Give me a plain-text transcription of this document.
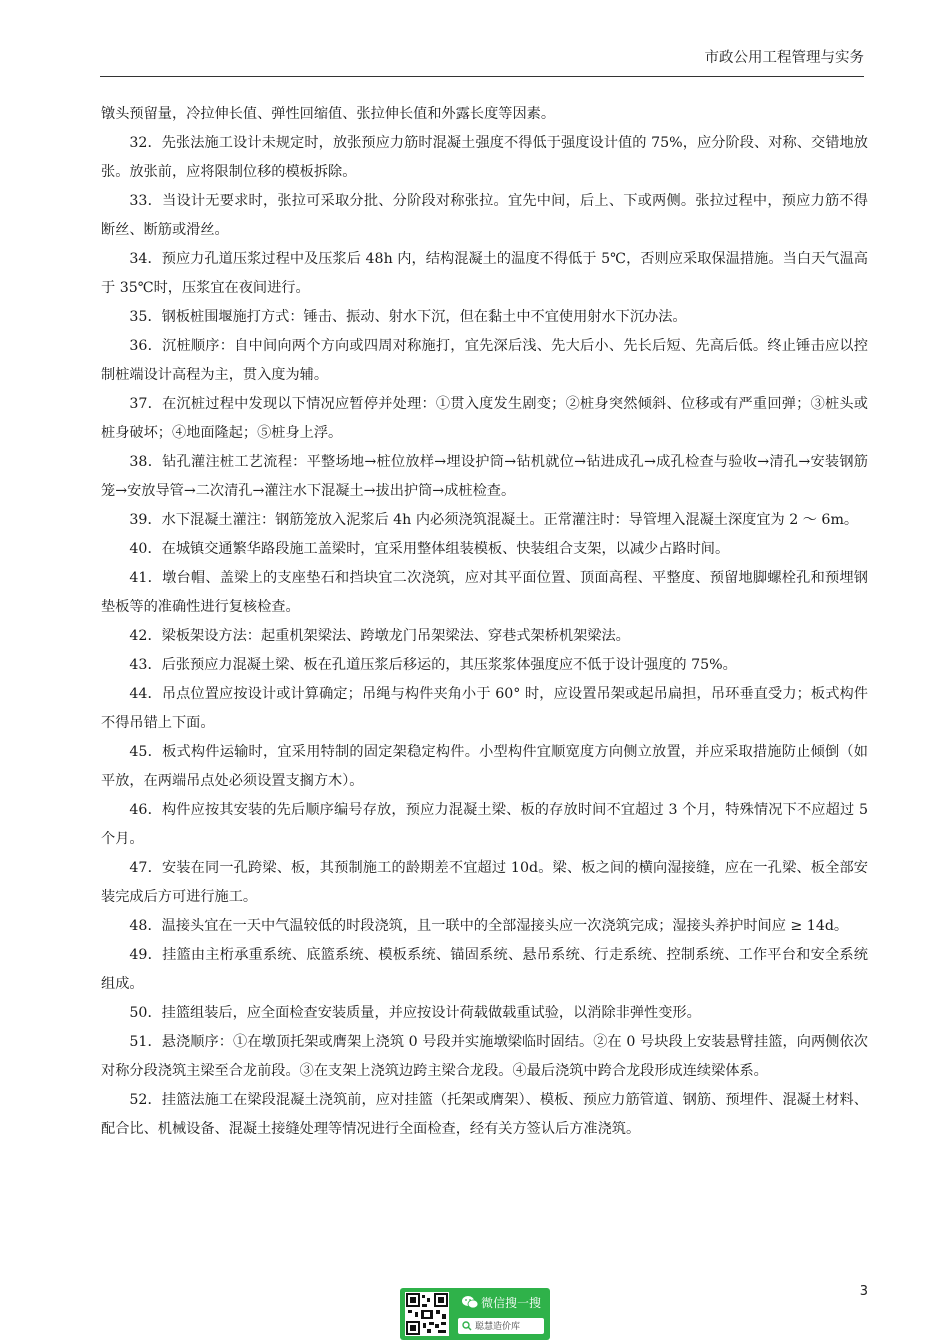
市政公用工程管理与实务

镦头预留量，冷拉伸长值、弹性回缩值、张拉伸长值和外露长度等因素。

32．先张法施工设计未规定时，放张预应力筋时混凝土强度不得低于强度设计值的 75%，应分阶段、对称、交错地放张。放张前，应将限制位移的模板拆除。

33．当设计无要求时，张拉可采取分批、分阶段对称张拉。宜先中间，后上、下或两侧。张拉过程中，预应力筋不得断丝、断筋或滑丝。

34．预应力孔道压浆过程中及压浆后 48h 内，结构混凝土的温度不得低于 5℃，否则应采取保温措施。当白天气温高于 35℃时，压浆宜在夜间进行。

35．钢板桩围堰施打方式：锤击、振动、射水下沉，但在黏土中不宜使用射水下沉办法。

36．沉桩顺序：自中间向两个方向或四周对称施打，宜先深后浅、先大后小、先长后短、先高后低。终止锤击应以控制桩端设计高程为主，贯入度为辅。

37．在沉桩过程中发现以下情况应暂停并处理：①贯入度发生剧变；②桩身突然倾斜、位移或有严重回弹；③桩头或桩身破坏；④地面隆起；⑤桩身上浮。

38．钻孔灌注桩工艺流程：平整场地→桩位放样→埋设护筒→钻机就位→钻进成孔→成孔检查与验收→清孔→安装钢筋笼→安放导管→二次清孔→灌注水下混凝土→拔出护筒→成桩检查。

39．水下混凝土灌注：钢筋笼放入泥浆后 4h 内必须浇筑混凝土。正常灌注时：导管埋入混凝土深度宜为 2 ～ 6m。

40．在城镇交通繁华路段施工盖梁时，宜采用整体组装模板、快装组合支架，以减少占路时间。

41．墩台帽、盖梁上的支座垫石和挡块宜二次浇筑，应对其平面位置、顶面高程、平整度、预留地脚螺栓孔和预埋钢垫板等的准确性进行复核检查。

42．梁板架设方法：起重机架梁法、跨墩龙门吊架梁法、穿巷式架桥机架梁法。

43．后张预应力混凝土梁、板在孔道压浆后移运的，其压浆浆体强度应不低于设计强度的 75%。

44．吊点位置应按设计或计算确定；吊绳与构件夹角小于 60° 时，应设置吊架或起吊扁担，吊环垂直受力；板式构件不得吊错上下面。

45．板式构件运输时，宜采用特制的固定架稳定构件。小型构件宜顺宽度方向侧立放置，并应采取措施防止倾倒（如平放，在两端吊点处必须设置支搁方木）。

46．构件应按其安装的先后顺序编号存放，预应力混凝土梁、板的存放时间不宜超过 3 个月，特殊情况下不应超过 5 个月。

47．安装在同一孔跨梁、板，其预制施工的龄期差不宜超过 10d。梁、板之间的横向湿接缝，应在一孔梁、板全部安装完成后方可进行施工。

48．温接头宜在一天中气温较低的时段浇筑，且一联中的全部湿接头应一次浇筑完成；湿接头养护时间应 ≥ 14d。

49．挂篮由主桁承重系统、底篮系统、模板系统、锚固系统、悬吊系统、行走系统、控制系统、工作平台和安全系统组成。

50．挂篮组装后，应全面检查安装质量，并应按设计荷载做载重试验，以消除非弹性变形。

51．悬浇顺序：①在墩顶托架或膺架上浇筑 0 号段并实施墩梁临时固结。②在 0 号块段上安装悬臂挂篮，向两侧依次对称分段浇筑主梁至合龙前段。③在支架上浇筑边跨主梁合龙段。④最后浇筑中跨合龙段形成连续梁体系。

52．挂篮法施工在梁段混凝土浇筑前，应对挂篮（托架或膺架）、模板、预应力筋管道、钢筋、预埋件、混凝土材料、配合比、机械设备、混凝土接缝处理等情况进行全面检查，经有关方签认后方准浇筑。

3
微信搜一搜
聪慧造价库
